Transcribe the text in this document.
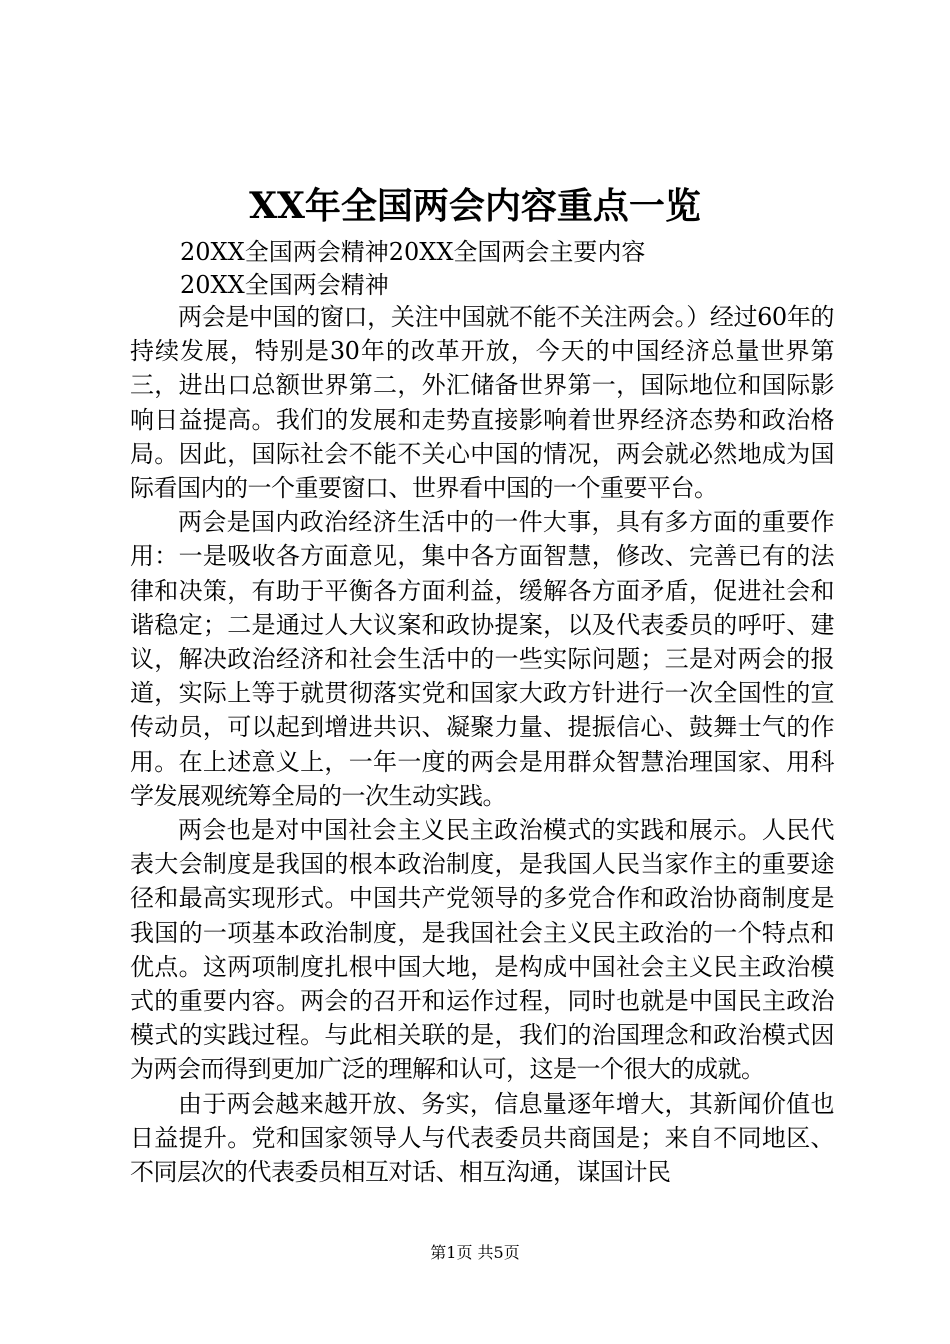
XX年全国两会内容重点一览
20XX全国两会精神20XX全国两会主要内容
20XX全国两会精神

两会是中国的窗口，关注中国就不能不关注两会。）经过60年的持续发展，特别是30年的改革开放，今天的中国经济总量世界第三，进出口总额世界第二，外汇储备世界第一，国际地位和国际影响日益提高。我们的发展和走势直接影响着世界经济态势和政治格局。因此，国际社会不能不关心中国的情况，两会就必然地成为国际看国内的一个重要窗口、世界看中国的一个重要平台。

两会是国内政治经济生活中的一件大事，具有多方面的重要作用：一是吸收各方面意见，集中各方面智慧，修改、完善已有的法律和决策，有助于平衡各方面利益，缓解各方面矛盾，促进社会和谐稳定；二是通过人大议案和政协提案，以及代表委员的呼吁、建议，解决政治经济和社会生活中的一些实际问题；三是对两会的报道，实际上等于就贯彻落实党和国家大政方针进行一次全国性的宣传动员，可以起到增进共识、凝聚力量、提振信心、鼓舞士气的作用。在上述意义上，一年一度的两会是用群众智慧治理国家、用科学发展观统筹全局的一次生动实践。

两会也是对中国社会主义民主政治模式的实践和展示。人民代表大会制度是我国的根本政治制度，是我国人民当家作主的重要途径和最高实现形式。中国共产党领导的多党合作和政治协商制度是我国的一项基本政治制度，是我国社会主义民主政治的一个特点和优点。这两项制度扎根中国大地，是构成中国社会主义民主政治模式的重要内容。两会的召开和运作过程，同时也就是中国民主政治模式的实践过程。与此相关联的是，我们的治国理念和政治模式因为两会而得到更加广泛的理解和认可，这是一个很大的成就。

由于两会越来越开放、务实，信息量逐年增大，其新闻价值也日益提升。党和国家领导人与代表委员共商国是；来自不同地区、不同层次的代表委员相互对话、相互沟通，谋国计民

第1页 共5页
